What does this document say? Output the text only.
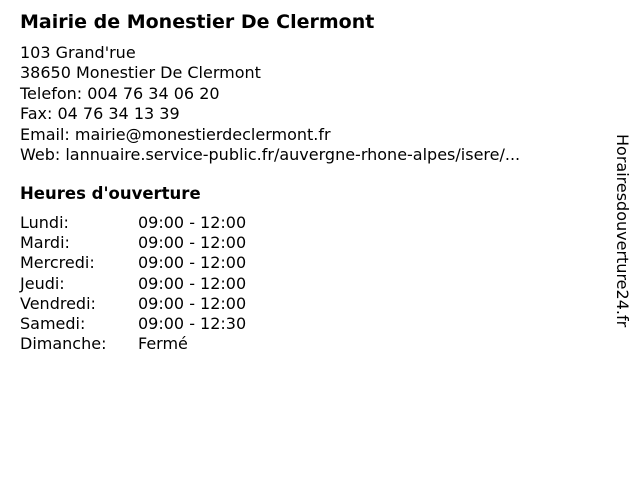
Mairie de Monestier De Clermont
103 Grand'rue
38650 Monestier De Clermont
Telefon: 004 76 34 06 20
Fax: 04 76 34 13 39
Email: mairie@monestierdeclermont.fr
Web: lannuaire.service-public.fr/auvergne-rhone-alpes/isere/...
Heures d'ouverture
Lundi:	09:00 - 12:00
Mardi:	09:00 - 12:00
Mercredi:	09:00 - 12:00
Jeudi:	09:00 - 12:00
Vendredi:	09:00 - 12:00
Samedi:	09:00 - 12:30
Dimanche: Fermé
Horairesdouverture24.fr
